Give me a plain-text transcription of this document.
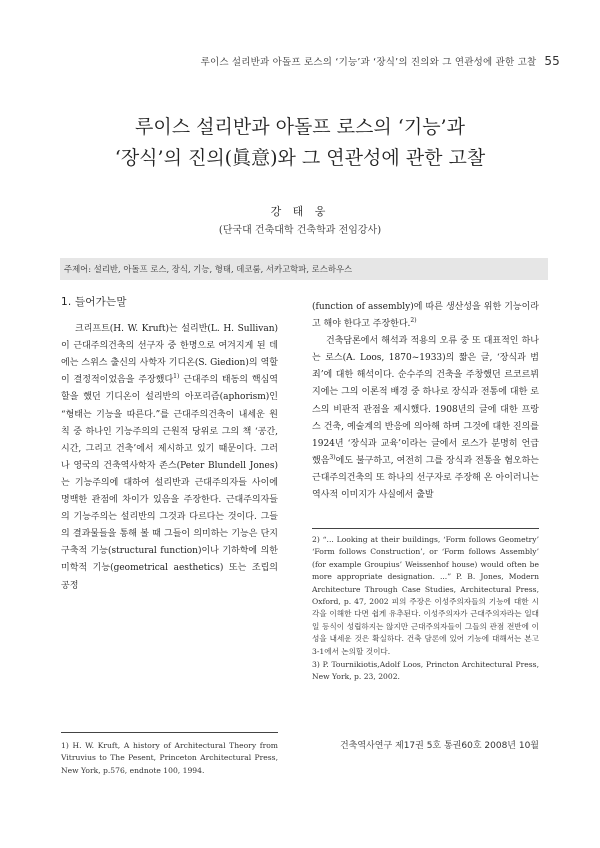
루이스 설리반과 아돌프 로스의 ‘기능’과 ‘장식’의 진의와 그 연관성에 관한 고찰 55
루이스 설리반과 아돌프 로스의 ‘기능’과
‘장식’의 진의(眞意)와 그 연관성에 관한 고찰
강 태 웅
(단국대 건축대학 건축학과 전임강사)
주제어: 설리반, 아돌프 로스, 장식, 기능, 형태, 데코룸, 서카고학파, 로스하우스
1. 들어가는말

크리프트(H. W. Kruft)는 설리반(L. H. Sullivan)이 근대주의건축의 선구자 중 한명으로 여겨지게 된 데에는 스위스 출신의 사학자 기디온(S. Giedion)의 역할이 결정적이었음을 주장했다$^{1)}$ 근대주의 태동의 핵심역할을 했던 기디온이 설리반의 아포리즘(aphorism)인 “형태는 기능을 따른다.”를 근대주의건축이 내세운 원칙 중 하나인 기능주의의 근원적 당위로 그의 책 ‘공간, 시간, 그리고 건축’에서 제시하고 있기 때문이다. 그러나 영국의 건축역사학자 존스(Peter Blundell Jones)는 기능주의에 대하여 설리반과 근대주의자들 사이에 명백한 관점에 차이가 있음을 주장한다. 근대주의자들의 기능주의는 설리반의 그것과 다르다는 것이다. 그들의 결과물들을 통해 볼 때 그들이 의미하는 기능은 단지 구축적 기능(structural function)이나 기하학에 의한 미학적 기능(geometrical aesthetics) 또는 조립의 공정

1) H. W. Kruft, A history of Architectural Theory from Vitruvius to The Pesent, Princeton Architectural Press, New York, p.576, endnote 100, 1994.

(function of assembly)에 따른 생산성을 위한 기능이라고 해야 한다고 주장한다.$^{2)}$

건축담론에서 해석과 적용의 오류 중 또 대표적인 하나는 로스(A. Loos, 1870~1933)의 짧은 글, ‘장식과 범죄’에 대한 해석이다. 순수주의 건축을 주창했던 르코르뷔지에는 그의 이론적 배경 중 하나로 장식과 전통에 대한 로스의 비판적 관점을 제시했다. 1908년의 글에 대한 프랑스 건축, 예술계의 반응에 의아해 하며 그것에 대한 진의를 1924년 ‘장식과 교육’이라는 글에서 로스가 분명히 언급했음$^{3)}$에도 불구하고, 여전히 그를 장식과 전통을 혐오하는 근대주의건축의 또 하나의 선구자로 주장해 온 아이러니는 역사적 이미지가 사실에서 출발

2) “... Looking at their buildings, ‘Form follows Geometry’ ‘Form follows Construction’, or ‘Form follows Assembly’ (for example Groupius’ Weissenhof house) would often be more appropriate designation. ...” P. B. Jones, Modern Architecture Through Case Studies, Architectural Press, Oxford, p. 47, 2002 피의 주장은 이성주의자들의 기능에 대한 시각을 이해한 다면 쉽게 유추된다. 이성주의자가 근대주의자라는 일대일 등식이 성립하지는 않지만 근대주의자들이 그들의 관점 전반에 이성을 내세운 것은 확실하다. 건축 담론에 있어 기능에 대해서는 본고 3-1에서 논의할 것이다.

3) P. Tournikiotis,Adolf Loos, Princton Architectural Press, New York, p. 23, 2002.

건축역사연구 제17권 5호 통권60호 2008년 10월
